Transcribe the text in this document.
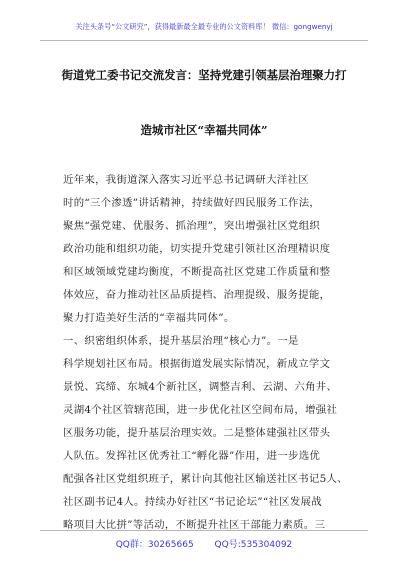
关注头条号“公文研究”，获得最新最全最专业的公文资料库！ 微信：gongwenyj
街道党工委书记交流发言：坚持党建引领基层治理聚力打
造城市社区“幸福共同体”
近年来，我街道深入落实习近平总书记调研大洋社区
时的“三个渗透”讲话精神，持续做好四民服务工作法，
聚焦“强党建、优服务、抓治理”，突出增强社区党组织
政治功能和组织功能，切实提升党建引领社区治理精识度
和区域领域党建均衡度，不断提高社区党建工作质量和整
体效应，奋力推动社区品质提档、治理提级、服务提能，
聚力打造美好生活的“幸福共同体”。
一、织密组织体系，提升基层治理“核心力”。一是
科学规划社区布局。根据街道发展实际情况，新成立学文
景悦、宾缔、东城4个新社区，调整吉利、云湖、六角井、
灵湖4个社区管辖范围，进一步优化社区空间布局，增强社
区服务功能，提升基层治理实效。二是整体建强社区带头
人队伍。发挥社区优秀社工“孵化器”作用，进一步选优
配强各社区党组织班子，累计向其他社区输送社区书记5人、
社区副书记4人。持续办好社区“书记论坛”“社区发展战
略项目大比拼”等活动，不断提升社区干部能力素质。三
QQ群：30265665 QQ号:535304092
